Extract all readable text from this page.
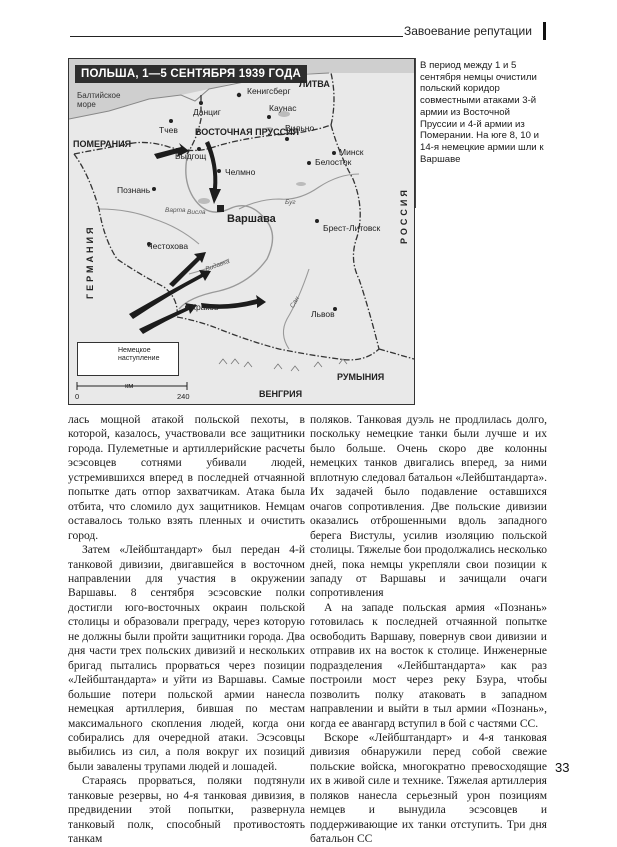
Завоевание репутации
ПОЛЬША, 1—5 СЕНТЯБРЯ 1939 ГОДА
Балтийское
море
Кенигсберг
ЛИТВА
Данциг	Каунас
Вильно
Тчев ВОСТОЧНАЯ ПРУССИЯ
ПОМЕРАНИЯ
Быдгощ
Челмно
Минск
Белосток
Висла
Буг
Познань
Варта
Варшава
Брест-Литовск РОССИЯ
ГЕРМАНИЯ	Честохова
Видавка
Краков	Сан
Львов
РУМЫНИЯ
ВЕНГРИЯ
Немецкое
наступление
0
км
240
В период между 1 и 5 сентября немцы очистили польский коридор совместными атаками 3-й армии из Восточной Пруссии и 4-й армии из Померании. На юге 8, 10 и 14-я немецкие армии шли к Варшаве

лась мощной атакой польской пехоты, в которой, казалось, участвовали все защитники города. Пулеметные и артиллерийские расчеты эсэсовцев сотнями убивали людей, устремившихся вперед в последней отчаянной попытке дать отпор захватчикам. Атака была отбита, что сломило дух защитников. Немцам оставалось только взять пленных и очистить город.

Затем «Лейбштандарт» был передан 4-й танковой дивизии, двигавшейся в восточном направлении для участия в окружении Варшавы. 8 сентября эсэсовские полки достигли юго-восточных окраин польской столицы и образовали преграду, через которую не должны были пройти защитники города. Два дня части трех польских дивизий и нескольких бригад пытались прорваться через позиции «Лейбштандарта» и уйти из Варшавы. Самые большие потери польской армии нанесла немецкая артиллерия, бившая по местам максимального скопления людей, когда они собирались для очередной атаки. Эсэсовцы выбились из сил, а поля вокруг их позиций были завалены трупами людей и лошадей.

Стараясь прорваться, поляки подтянули танковые резервы, но 4-я танковая дивизия, в предвидении этой попытки, развернула танковый полк, способный противостоять танкам

поляков. Танковая дуэль не продлилась долго, поскольку немецкие танки были лучше и их было больше. Очень скоро две колонны немецких танков двигались вперед, за ними вплотную следовал батальон «Лейбштандарта». Их задачей было подавление оставшихся очагов сопротивления. Две польские дивизии оказались отброшенными вдоль западного берега Вистулы, усилив изоляцию польской столицы. Тяжелые бои продолжались несколько дней, пока немцы укрепляли свои позиции к западу от Варшавы и зачищали очаги сопротивления

А на западе польская армия «Познань» готовилась к последней отчаянной попытке освободить Варшаву, повернув свои дивизии и отправив их на восток к столице. Инженерные подразделения «Лейбштандарта» как раз построили мост через реку Бзура, чтобы позволить полку атаковать в западном направлении и выйти в тыл армии «Познань», когда ее авангард вступил в бой с частями СС.

Вскоре «Лейбштандарт» и 4-я танковая дивизия обнаружили перед собой свежие польские войска, многократно превосходящие их в живой силе и технике. Тяжелая артиллерия поляков нанесла серьезный урон позициям немцев и вынудила эсэсовцев и поддерживающие их танки отступить. Три дня батальон СС

33
